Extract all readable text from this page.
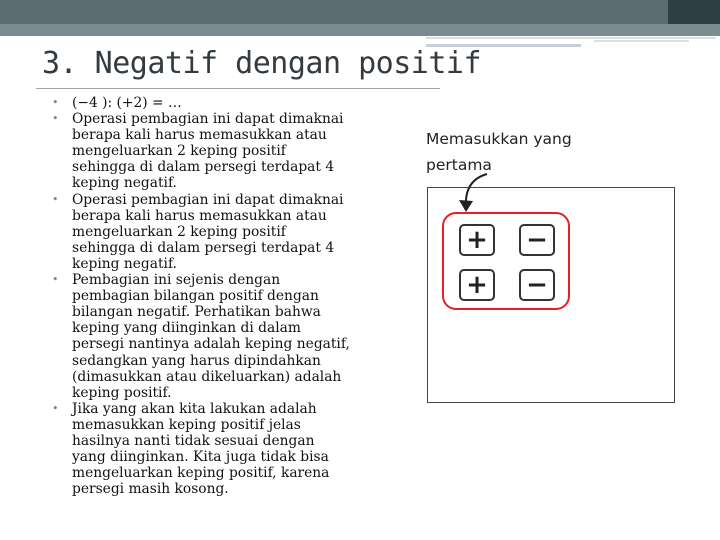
3. Negatif dengan positif
• (−4 ): (+2) = …
• Operasi pembagian ini dapat dimaknai berapa kali harus memasukkan atau mengeluarkan 2 keping positif sehingga di dalam persegi terdapat 4 keping negatif.
• Operasi pembagian ini dapat dimaknai berapa kali harus memasukkan atau mengeluarkan 2 keping positif sehingga di dalam persegi terdapat 4 keping negatif.
• Pembagian ini sejenis dengan pembagian bilangan positif dengan bilangan negatif. Perhatikan bahwa keping yang diinginkan di dalam persegi nantinya adalah keping negatif, sedangkan yang harus dipindahkan (dimasukkan atau dikeluarkan) adalah keping positif.
• Jika yang akan kita lakukan adalah memasukkan keping positif jelas hasilnya nanti tidak sesuai dengan yang diinginkan. Kita juga tidak bisa mengeluarkan keping positif, karena persegi masih kosong.

Memasukkan yang pertama

+ −
+ −
